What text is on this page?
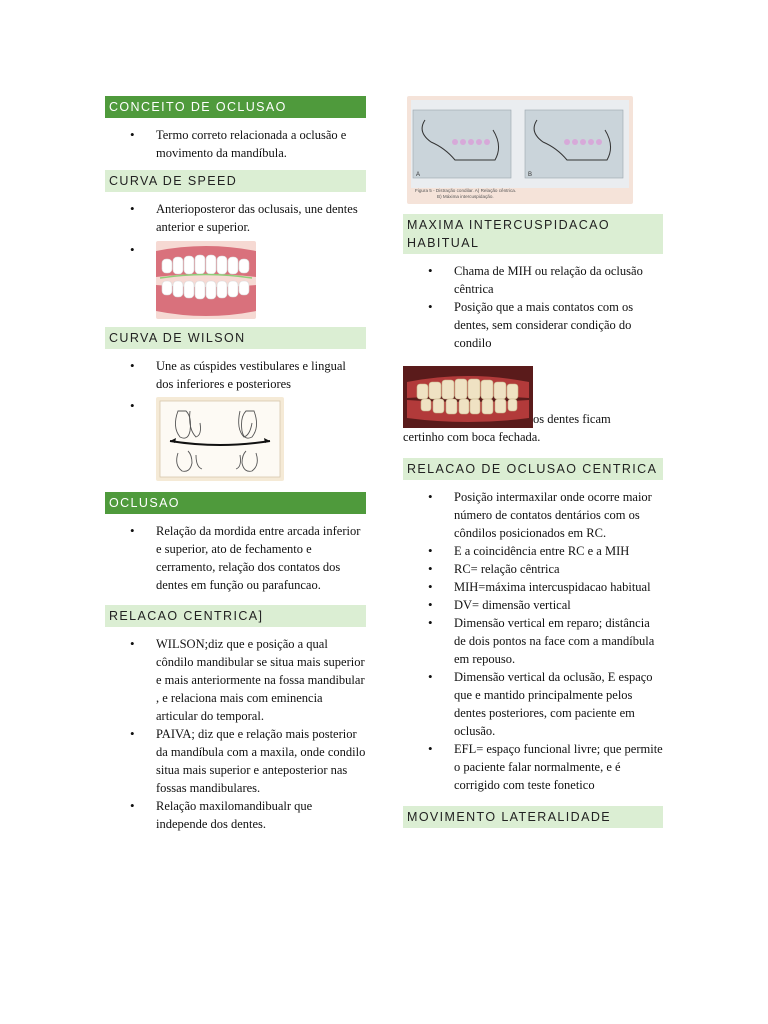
CONCEITO DE OCLUSAO
• Termo correto relacionada a oclusão e movimento da mandíbula.
CURVA DE SPEED
• Anterioposteror das oclusais, une dentes anterior e superior.
•
CURVA DE WILSON
• Une as cúspides vestibulares e lingual dos inferiores e posteriores
•
OCLUSAO
• Relação da mordida entre arcada inferior e superior, ato de fechamento e cerramento, relação dos contatos dos dentes em função ou parafuncao.
RELACAO CENTRICA]
• WILSON;diz que e posição a qual côndilo mandibular se situa mais superior e mais anteriormente na fossa mandibular , e relaciona mais com eminencia articular do temporal.
• PAIVA; diz que e relação mais posterior da mandíbula com a maxila, onde condilo situa mais superior e anteposterior nas fossas mandibulares.
• Relação maxilomandibualr que independe dos dentes.
A	B
Figura 5 - Distração condilar. A) Relação cêntrica.
B) Máxima intercuspidação.
MAXIMA INTERCUSPIDACAO HABITUAL
• Chama de MIH ou relação da oclusão cêntrica
• Posição que a mais contatos com os dentes, sem considerar condição do condilo
os dentes ficam

certinho com boca fechada.

RELACAO DE OCLUSAO CENTRICA
• Posição intermaxilar onde ocorre maior número de contatos dentários com os côndilos posicionados em RC.
• E a coincidência entre RC e a MIH
• RC= relação cêntrica
• MIH=máxima intercuspidacao habitual
• DV= dimensão vertical
• Dimensão vertical em reparo; distância de dois pontos na face com a mandíbula em repouso.
• Dimensão vertical da oclusão, E espaço que e mantido principalmente pelos dentes posteriores, com paciente em oclusão.
• EFL= espaço funcional livre; que permite o paciente falar normalmente, e é corrigido com teste fonetico
MOVIMENTO LATERALIDADE
